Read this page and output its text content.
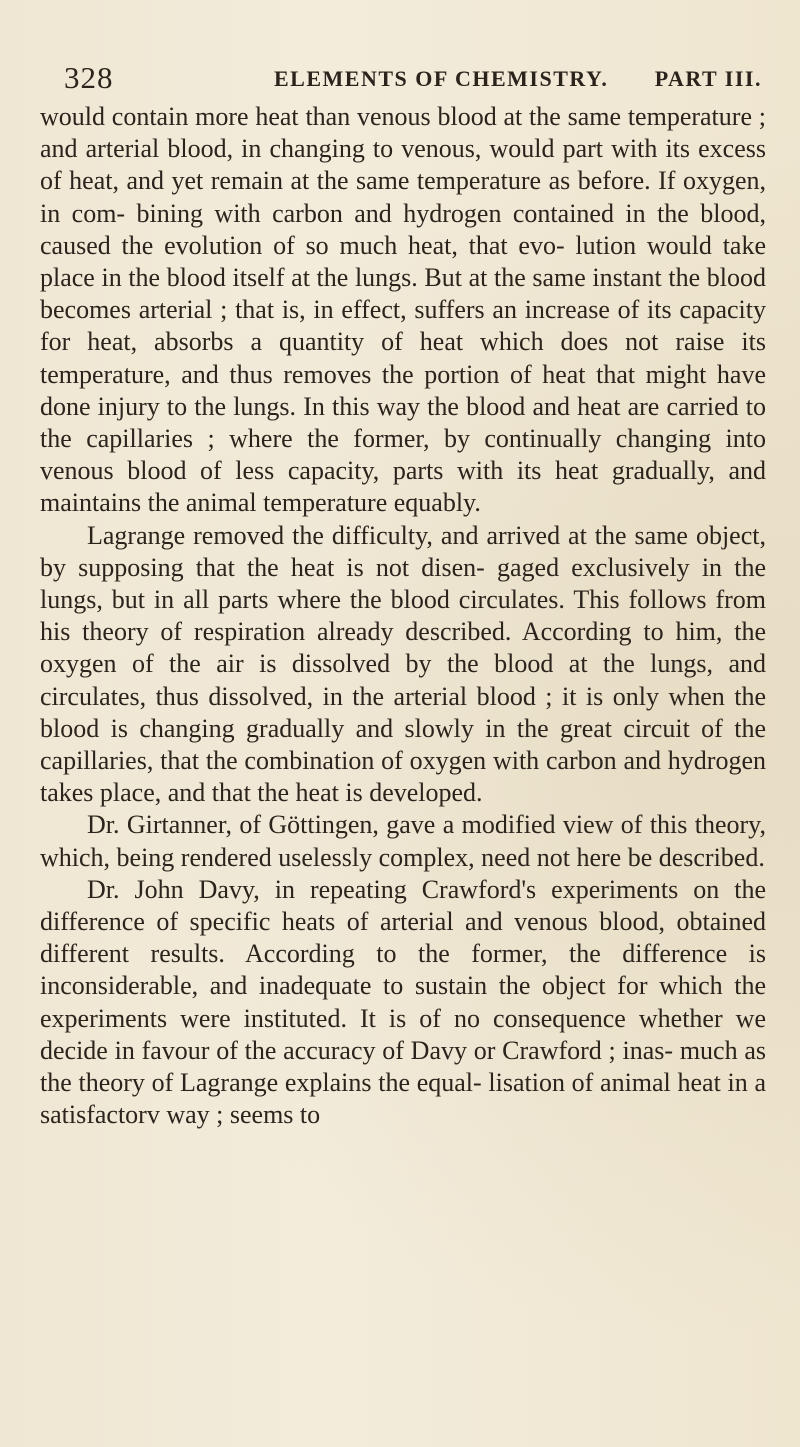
328	ELEMENTS OF CHEMISTRY. PART III.

would contain more heat than venous blood at the same temperature ; and arterial blood, in changing to venous, would part with its excess of heat, and yet remain at the same temperature as before. If oxygen, in com- bining with carbon and hydrogen contained in the blood, caused the evolution of so much heat, that evo- lution would take place in the blood itself at the lungs. But at the same instant the blood becomes arterial ; that is, in effect, suffers an increase of its capacity for heat, absorbs a quantity of heat which does not raise its temperature, and thus removes the portion of heat that might have done injury to the lungs. In this way the blood and heat are carried to the capillaries ; where the former, by continually changing into venous blood of less capacity, parts with its heat gradually, and maintains the animal temperature equably.

Lagrange removed the difficulty, and arrived at the same object, by supposing that the heat is not disen- gaged exclusively in the lungs, but in all parts where the blood circulates. This follows from his theory of respiration already described. According to him, the oxygen of the air is dissolved by the blood at the lungs, and circulates, thus dissolved, in the arterial blood ; it is only when the blood is changing gradually and slowly in the great circuit of the capillaries, that the combination of oxygen with carbon and hydrogen takes place, and that the heat is developed.

Dr. Girtanner, of Göttingen, gave a modified view of this theory, which, being rendered uselessly complex, need not here be described.

Dr. John Davy, in repeating Crawford's experiments on the difference of specific heats of arterial and venous blood, obtained different results. According to the former, the difference is inconsiderable, and inadequate to sustain the object for which the experiments were instituted. It is of no consequence whether we decide in favour of the accuracy of Davy or Crawford ; inas- much as the theory of Lagrange explains the equal- lisation of animal heat in a satisfactorv way ; seems to
